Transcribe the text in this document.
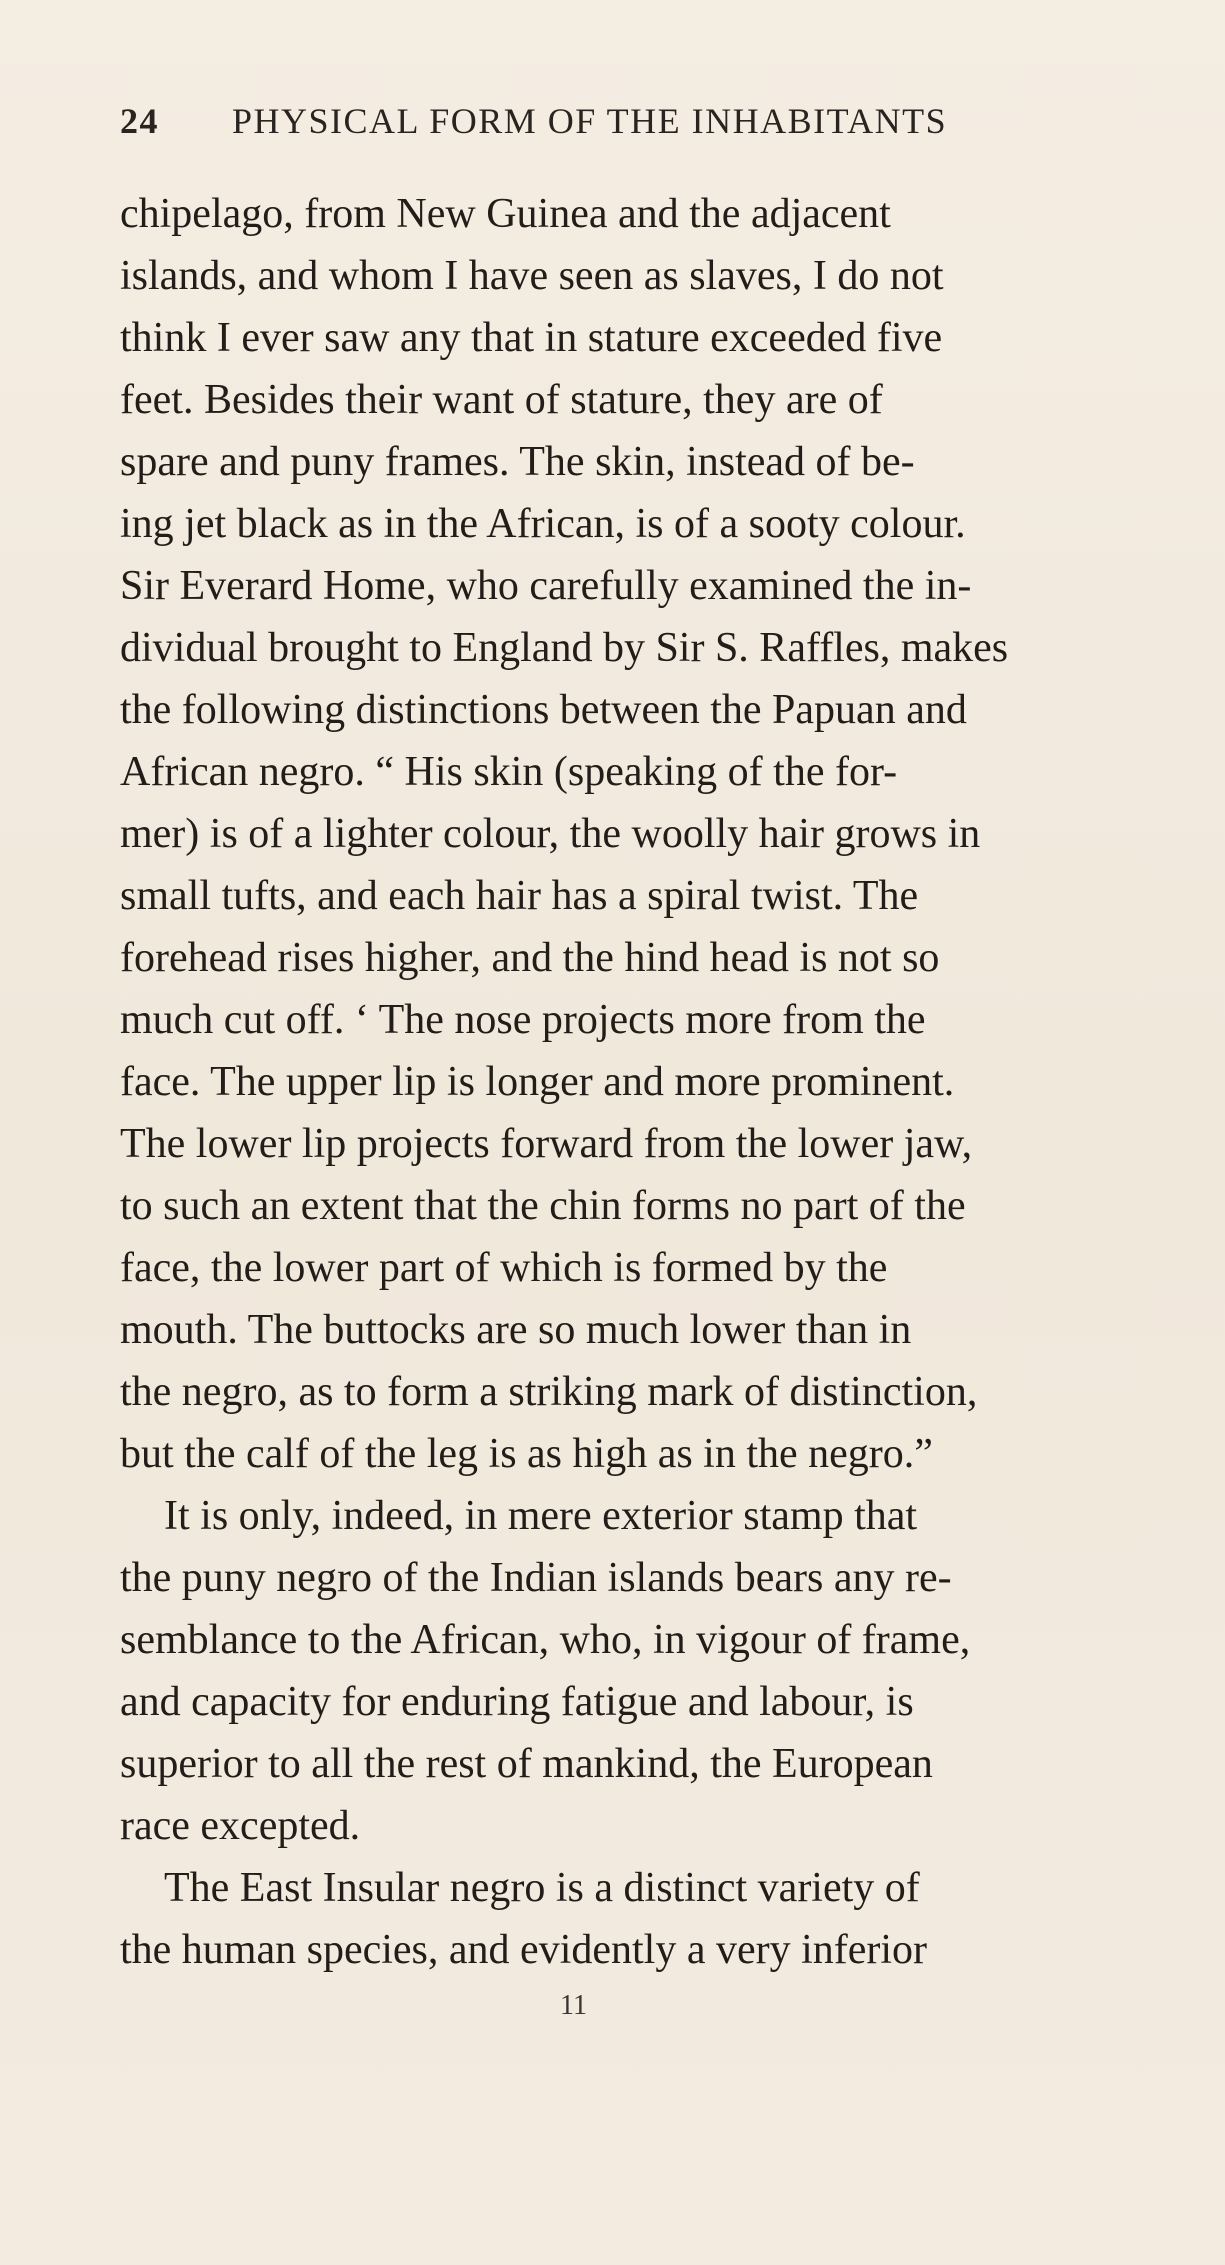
24 PHYSICAL FORM OF THE INHABITANTS
chipelago, from New Guinea and the adjacent
islands, and whom I have seen as slaves, I do not
think I ever saw any that in stature exceeded five
feet. Besides their want of stature, they are of
spare and puny frames. The skin, instead of be-
ing jet black as in the African, is of a sooty colour.
Sir Everard Home, who carefully examined the in-
dividual brought to England by Sir S. Raffles, makes
the following distinctions between the Papuan and
African negro. “ His skin (speaking of the for-
mer) is of a lighter colour, the woolly hair grows in
small tufts, and each hair has a spiral twist. The
forehead rises higher, and the hind head is not so
much cut off. ‘ The nose projects more from the
face. The upper lip is longer and more prominent.
The lower lip projects forward from the lower jaw,
to such an extent that the chin forms no part of the
face, the lower part of which is formed by the
mouth. The buttocks are so much lower than in
the negro, as to form a striking mark of distinction,
but the calf of the leg is as high as in the negro.”
It is only, indeed, in mere exterior stamp that
the puny negro of the Indian islands bears any re-
semblance to the African, who, in vigour of frame,
and capacity for enduring fatigue and labour, is
superior to all the rest of mankind, the European
race excepted.
The East Insular negro is a distinct variety of
the human species, and evidently a very inferior
11
